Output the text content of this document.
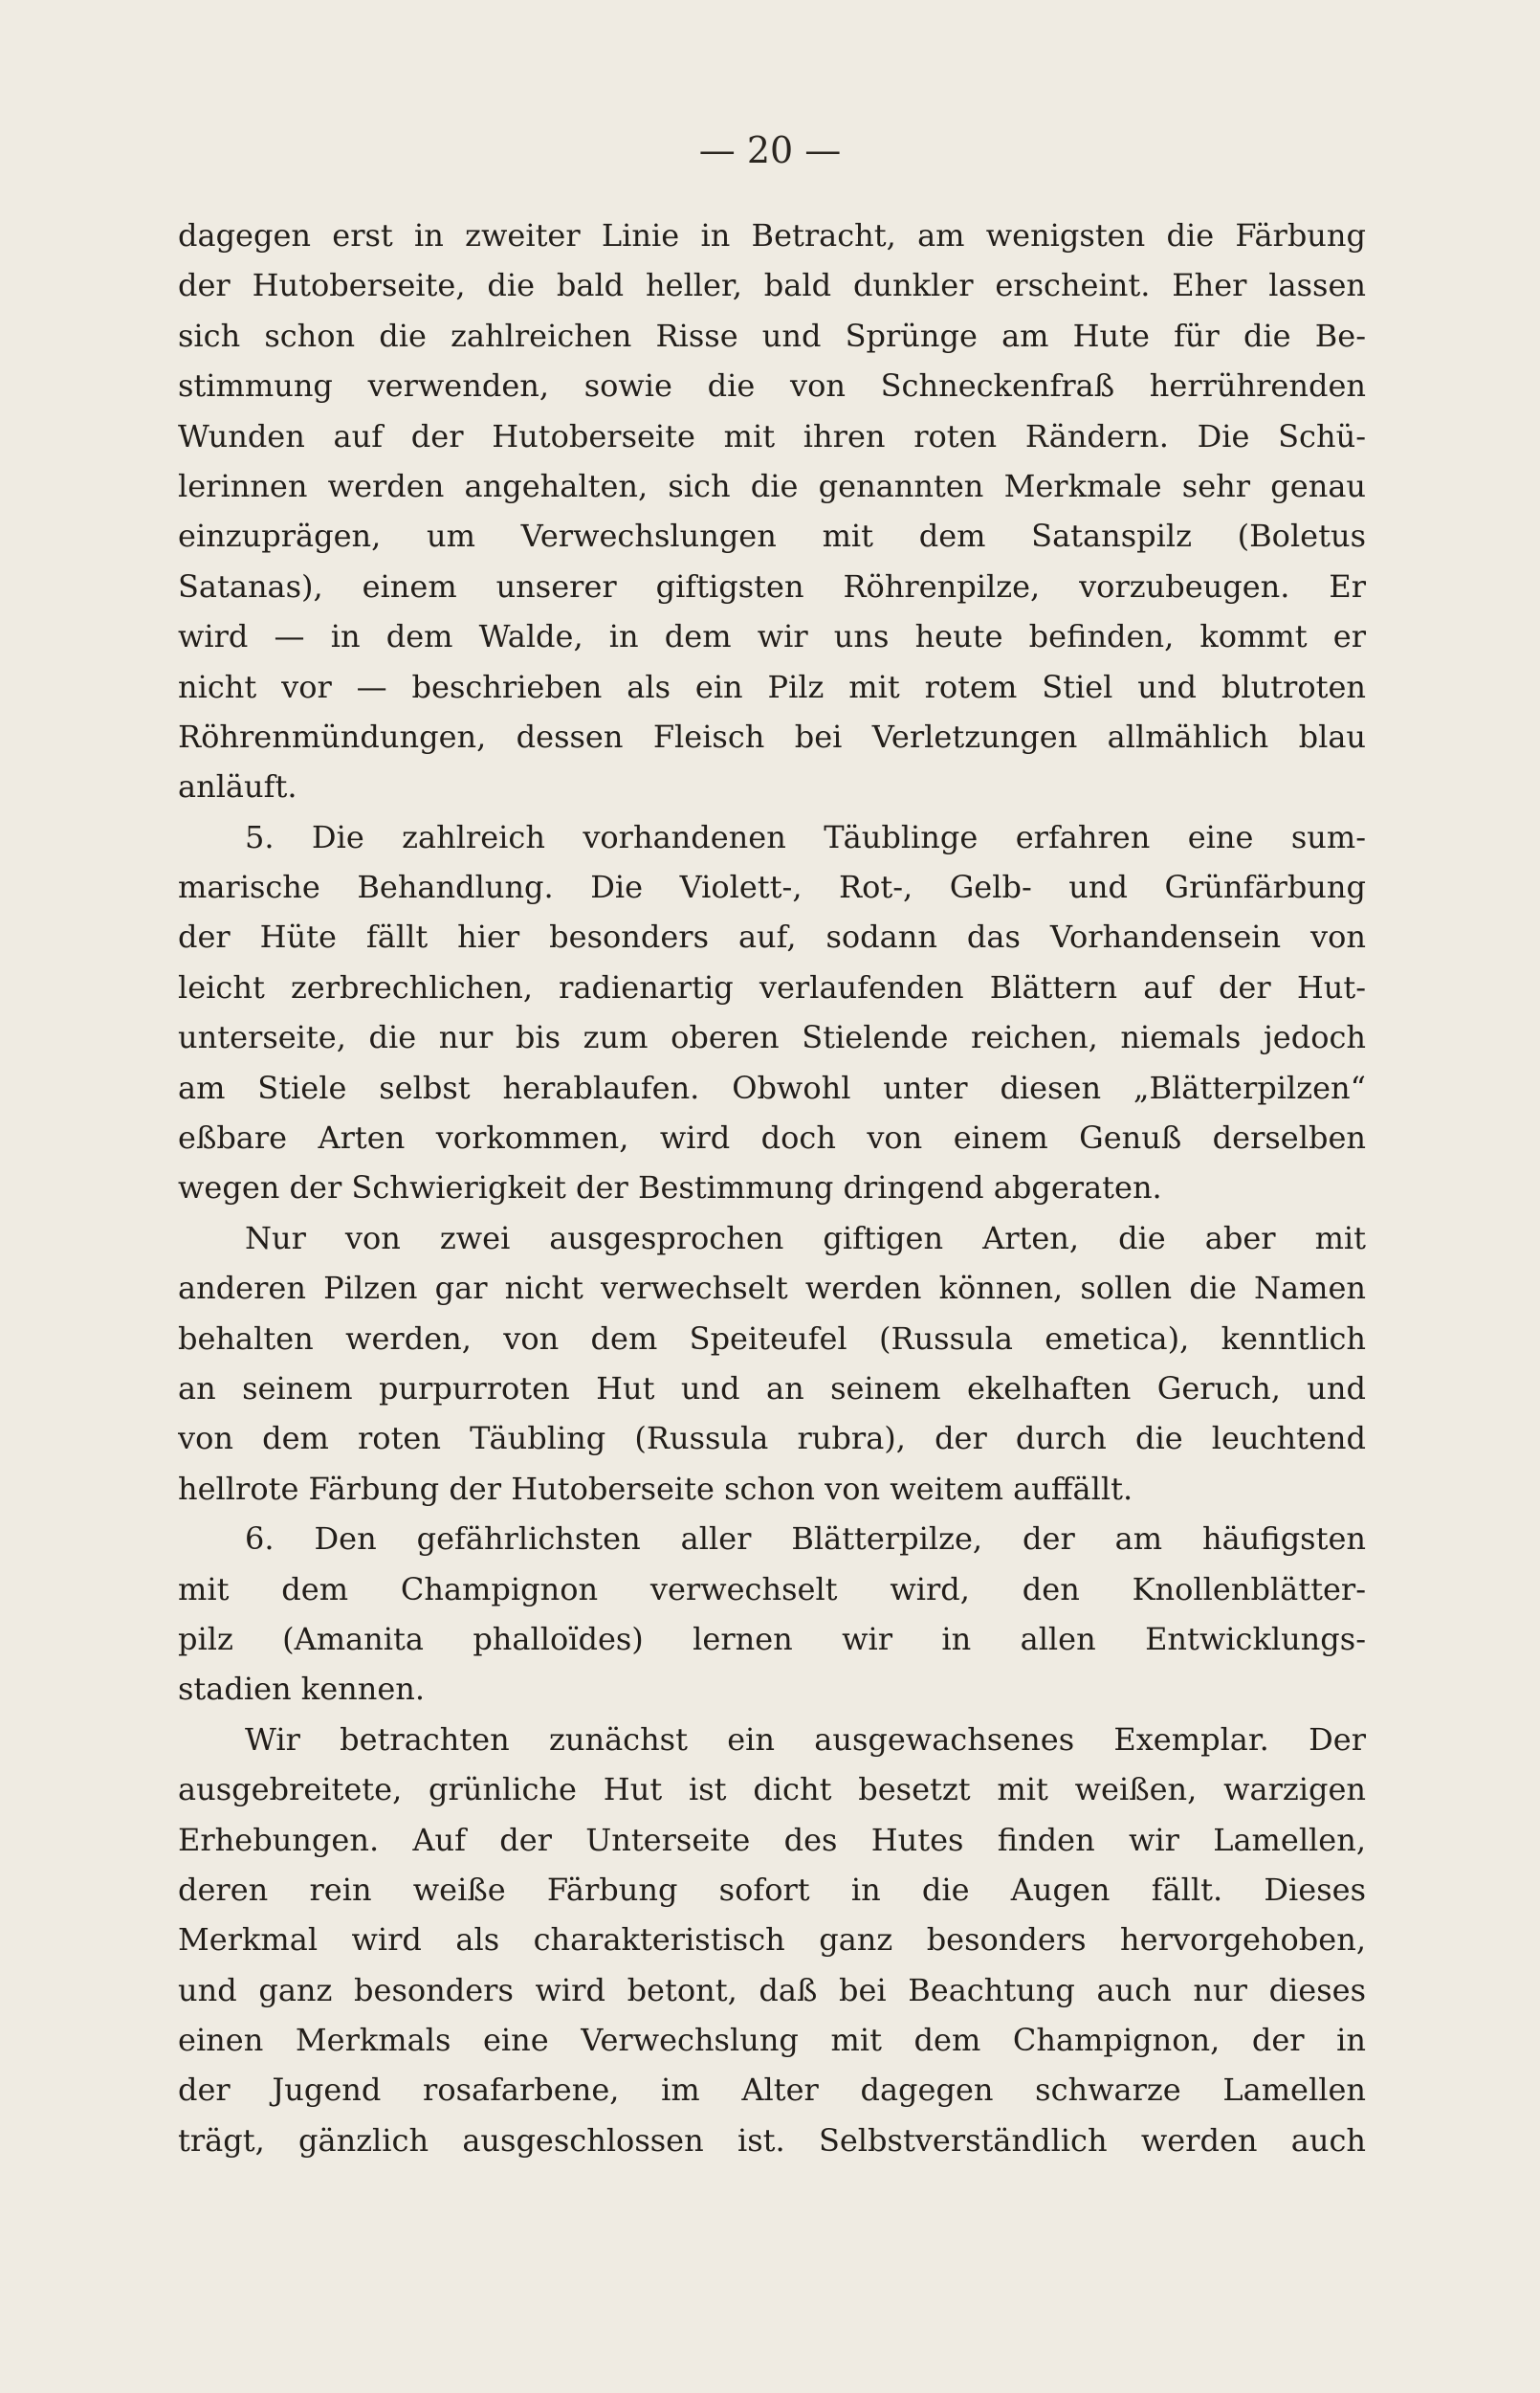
— 20 —
dagegen erst in zweiter Linie in Betracht, am wenigsten die Färbung
der Hutoberseite, die bald heller, bald dunkler erscheint. Eher lassen
sich schon die zahlreichen Risse und Sprünge am Hute für die Be-
stimmung verwenden, sowie die von Schneckenfraß herrührenden
Wunden auf der Hutoberseite mit ihren roten Rändern. Die Schü-
lerinnen werden angehalten, sich die genannten Merkmale sehr genau
einzuprägen, um Verwechslungen mit dem Satanspilz (Boletus
Satanas), einem unserer giftigsten Röhrenpilze, vorzubeugen. Er
wird — in dem Walde, in dem wir uns heute befinden, kommt er
nicht vor — beschrieben als ein Pilz mit rotem Stiel und blutroten
Röhrenmündungen, dessen Fleisch bei Verletzungen allmählich blau
anläuft.
5. Die zahlreich vorhandenen Täublinge erfahren eine sum-
marische Behandlung. Die Violett-, Rot-, Gelb- und Grünfärbung
der Hüte fällt hier besonders auf, sodann das Vorhandensein von
leicht zerbrechlichen, radienartig verlaufenden Blättern auf der Hut-
unterseite, die nur bis zum oberen Stielende reichen, niemals jedoch
am Stiele selbst herablaufen. Obwohl unter diesen „Blätterpilzen“
eßbare Arten vorkommen, wird doch von einem Genuß derselben
wegen der Schwierigkeit der Bestimmung dringend abgeraten.
Nur von zwei ausgesprochen giftigen Arten, die aber mit
anderen Pilzen gar nicht verwechselt werden können, sollen die Namen
behalten werden, von dem Speiteufel (Russula emetica), kenntlich
an seinem purpurroten Hut und an seinem ekelhaften Geruch, und
von dem roten Täubling (Russula rubra), der durch die leuchtend
hellrote Färbung der Hutoberseite schon von weitem auffällt.
6. Den gefährlichsten aller Blätterpilze, der am häufigsten
mit dem Champignon verwechselt wird, den Knollenblätter-
pilz (Amanita phalloïdes) lernen wir in allen Entwicklungs-
stadien kennen.
Wir betrachten zunächst ein ausgewachsenes Exemplar. Der
ausgebreitete, grünliche Hut ist dicht besetzt mit weißen, warzigen
Erhebungen. Auf der Unterseite des Hutes finden wir Lamellen,
deren rein weiße Färbung sofort in die Augen fällt. Dieses
Merkmal wird als charakteristisch ganz besonders hervorgehoben,
und ganz besonders wird betont, daß bei Beachtung auch nur dieses
einen Merkmals eine Verwechslung mit dem Champignon, der in
der Jugend rosafarbene, im Alter dagegen schwarze Lamellen
trägt, gänzlich ausgeschlossen ist. Selbstverständlich werden auch
